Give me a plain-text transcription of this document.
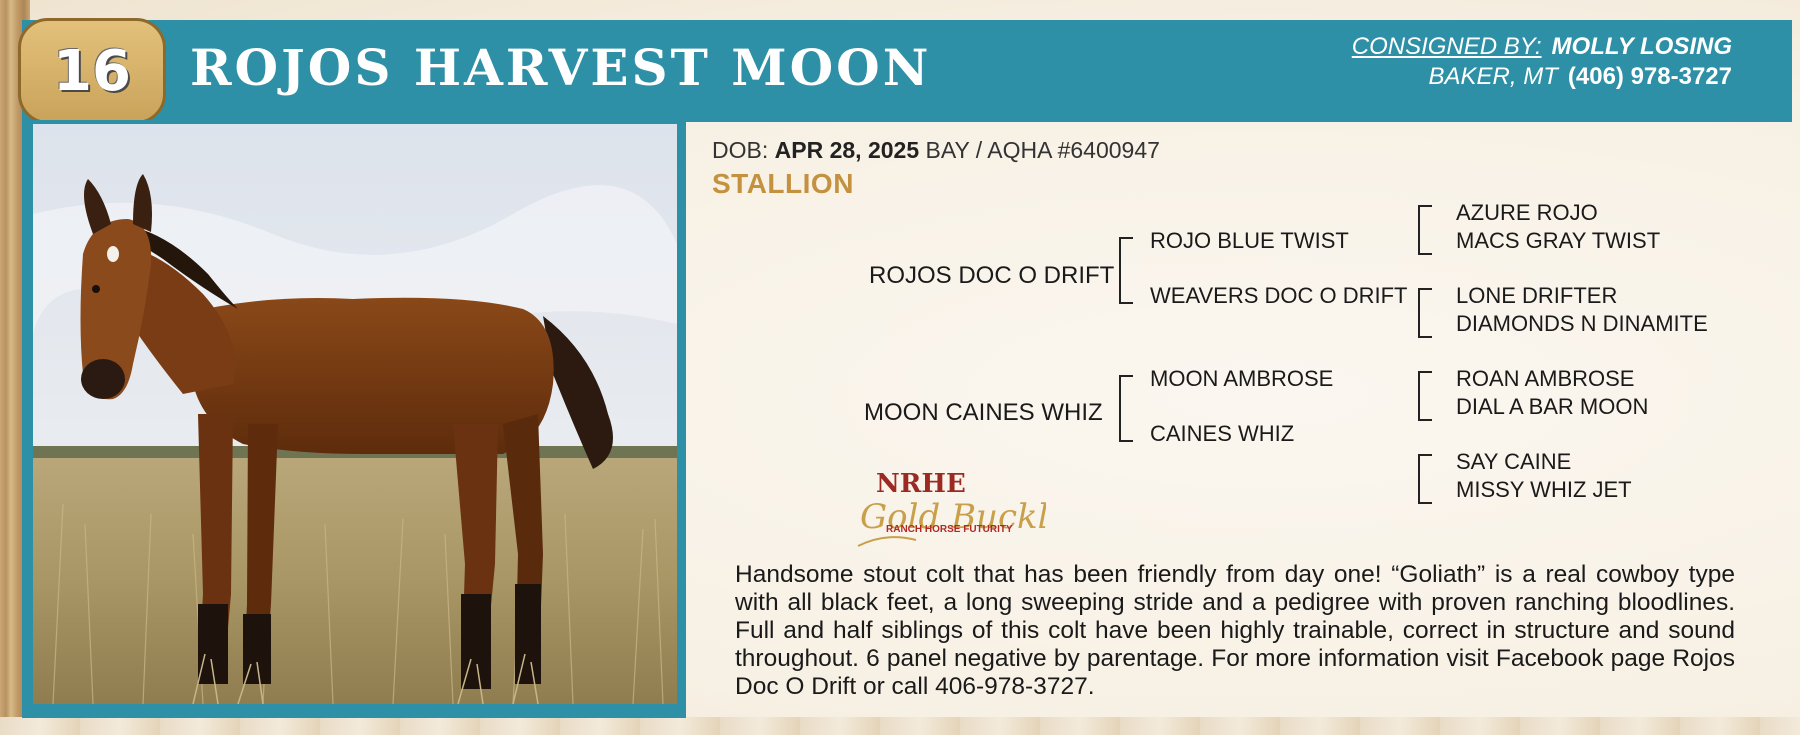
16 ROJOS HARVEST MOON	CONSIGNED BY: MOLLY LOSING
BAKER, MT (406) 978-3727
DOB: APR 28, 2025 BAY / AQHA #6400947
STALLION
ROJOS DOC O DRIFT
MOON CAINES WHIZ
ROJO BLUE TWIST
WEAVERS DOC O DRIFT
MOON AMBROSE
CAINES WHIZ
AZURE ROJO
MACS GRAY TWIST
LONE DRIFTER
DIAMONDS N DINAMITE
ROAN AMBROSE
DIAL A BAR MOON
SAY CAINE
MISSY WHIZ JET
NRHE
Gold Buck
RANCH HORSE FUTURITY
Handsome stout colt that has been friendly from day one! “Goliath” is a real cowboy type with all black feet, a long sweeping stride and a pedigree with proven ranching bloodlines. Full and half siblings of this colt have been highly trainable, correct in structure and sound throughout. 6 panel negative by parentage. For more information visit Facebook page Rojos Doc O Drift or call 406-978-3727.
